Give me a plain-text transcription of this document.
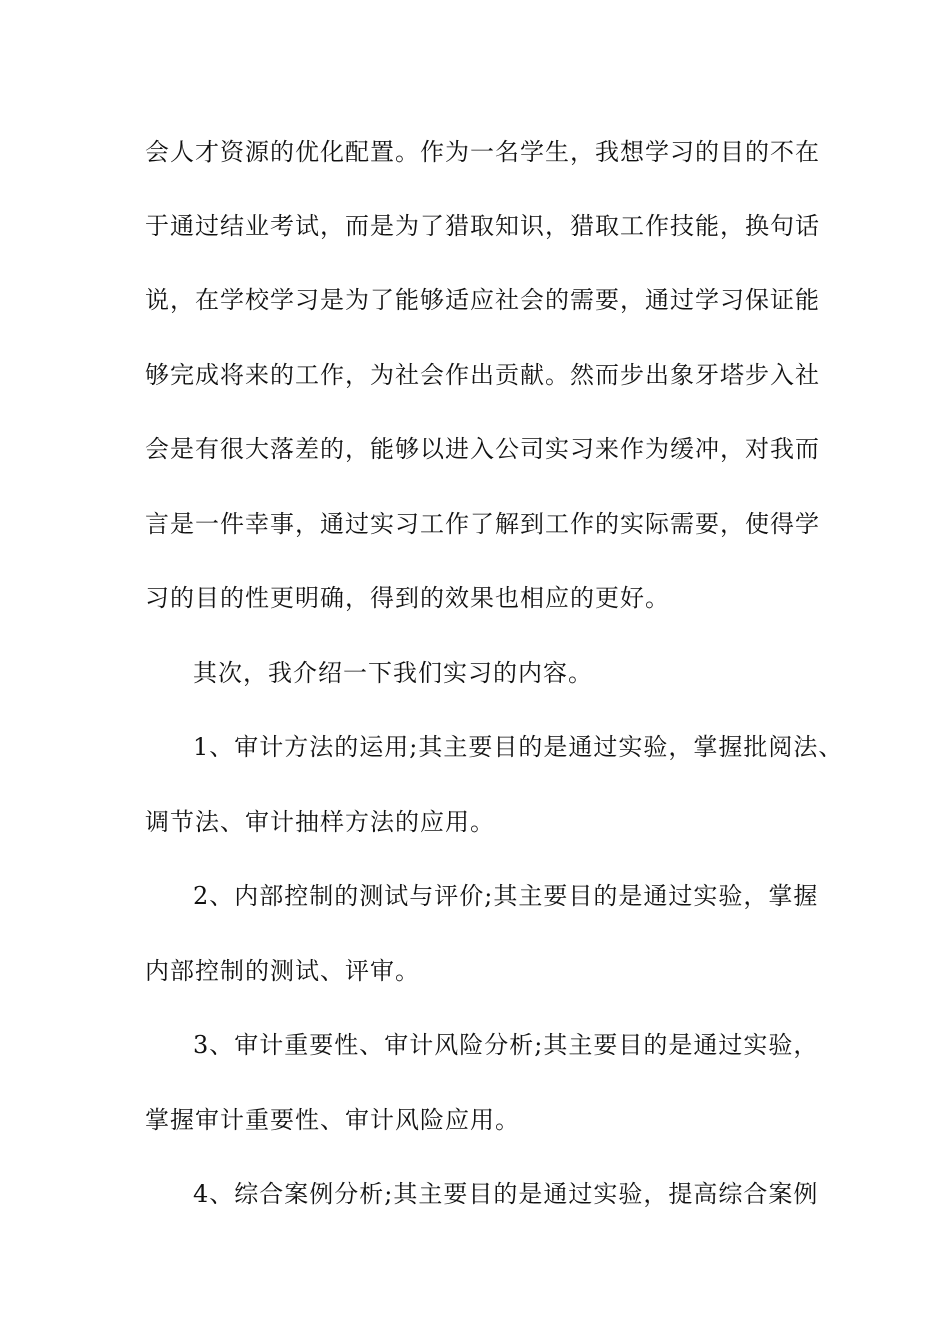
会人才资源的优化配置。作为一名学生，我想学习的目的不在
于通过结业考试，而是为了猎取知识，猎取工作技能，换句话
说，在学校学习是为了能够适应社会的需要，通过学习保证能
够完成将来的工作，为社会作出贡献。然而步出象牙塔步入社
会是有很大落差的，能够以进入公司实习来作为缓冲，对我而
言是一件幸事，通过实习工作了解到工作的实际需要，使得学
习的目的性更明确，得到的效果也相应的更好。
其次，我介绍一下我们实习的内容。
1、审计方法的运用;其主要目的是通过实验，掌握批阅法、
调节法、审计抽样方法的应用。
2、内部控制的测试与评价;其主要目的是通过实验，掌握
内部控制的测试、评审。
3、审计重要性、审计风险分析;其主要目的是通过实验，
掌握审计重要性、审计风险应用。
4、综合案例分析;其主要目的是通过实验，提高综合案例
